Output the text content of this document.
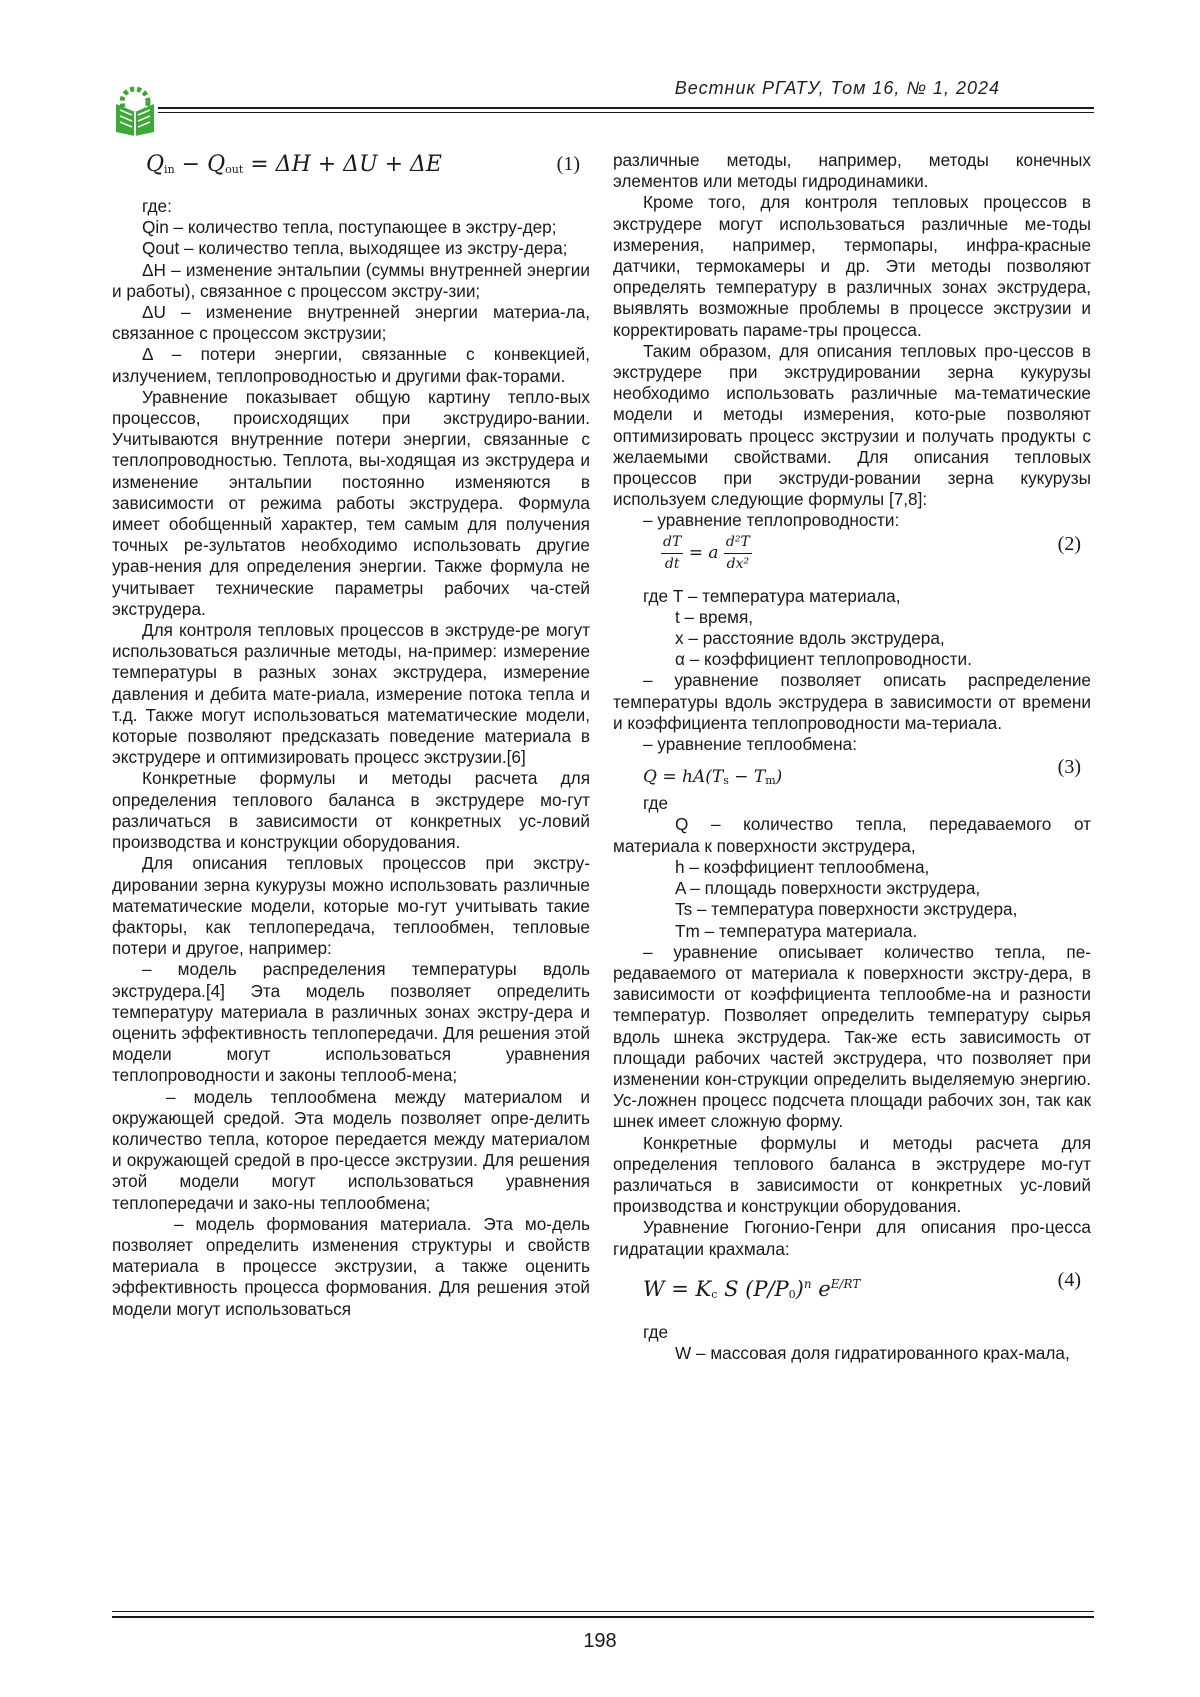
Вестник РГАТУ, Том 16, № 1, 2024
Qin − Qout = ΔH + ΔU + ΔE	(1)

где:

Qin – количество тепла, поступающее в экстру-дер;

Qout – количество тепла, выходящее из экстру-дера;

ΔH – изменение энтальпии (суммы внутренней энергии и работы), связанное с процессом экстру-зии;

ΔU – изменение внутренней энергии материа-ла, связанное с процессом экструзии;

Δ – потери энергии, связанные с конвекцией, излучением, теплопроводностью и другими фак-торами.

Уравнение показывает общую картину тепло-вых процессов, происходящих при экструдиро-вании. Учитываются внутренние потери энергии, связанные с теплопроводностью. Теплота, вы-ходящая из экструдера и изменение энтальпии постоянно изменяются в зависимости от режима работы экструдера. Формула имеет обобщенный характер, тем самым для получения точных ре-зультатов необходимо использовать другие урав-нения для определения энергии. Также формула не учитывает технические параметры рабочих ча-стей экструдера.

Для контроля тепловых процессов в экструде-ре могут использоваться различные методы, на-пример: измерение температуры в разных зонах экструдера, измерение давления и дебита мате-риала, измерение потока тепла и т.д. Также могут использоваться математические модели, которые позволяют предсказать поведение материала в экструдере и оптимизировать процесс экструзии.[6]

Конкретные формулы и методы расчета для определения теплового баланса в экструдере мо-гут различаться в зависимости от конкретных ус-ловий производства и конструкции оборудования.

Для описания тепловых процессов при экстру-дировании зерна кукурузы можно использовать различные математические модели, которые мо-гут учитывать такие факторы, как теплопередача, теплообмен, тепловые потери и другое, например:

– модель распределения температуры вдоль экструдера.[4] Эта модель позволяет определить температуру материала в различных зонах экстру-дера и оценить эффективность теплопередачи. Для решения этой модели могут использоваться уравнения теплопроводности и законы теплооб-мена;

– модель теплообмена между материалом и окружающей средой. Эта модель позволяет опре-делить количество тепла, которое передается между материалом и окружающей средой в про-цессе экструзии. Для решения этой модели могут использоваться уравнения теплопередачи и зако-ны теплообмена;

– модель формования материала. Эта мо-дель позволяет определить изменения структуры и свойств материала в процессе экструзии, а также оценить эффективность процесса формования. Для решения этой модели могут использоваться

различные методы, например, методы конечных элементов или методы гидродинамики.

Кроме того, для контроля тепловых процессов в экструдере могут использоваться различные ме-тоды измерения, например, термопары, инфра-красные датчики, термокамеры и др. Эти методы позволяют определять температуру в различных зонах экструдера, выявлять возможные проблемы в процессе экструзии и корректировать параме-тры процесса.

Таким образом, для описания тепловых про-цессов в экструдере при экструдировании зерна кукурузы необходимо использовать различные ма-тематические модели и методы измерения, кото-рые позволяют оптимизировать процесс экструзии и получать продукты с желаемыми свойствами. Для описания тепловых процессов при экструди-ровании зерна кукурузы используем следующие формулы [7,8]:

– уравнение теплопроводности:

$\frac{dT}{dt} = a \frac{\text{d²T}}{\text{dx²}}$	(2)

где T – температура материала,

t – время,

x – расстояние вдоль экструдера,

α – коэффициент теплопроводности.

– уравнение позволяет описать распределение температуры вдоль экструдера в зависимости от времени и коэффициента теплопроводности ма-териала.

– уравнение теплообмена:

Q = hA(Ts − Tm)	(3)

где

Q – количество тепла, передаваемого от материала к поверхности экструдера,

h – коэффициент теплообмена,

A – площадь поверхности экструдера,

Ts – температура поверхности экструдера,

Tm – температура материала.

– уравнение описывает количество тепла, пе-редаваемого от материала к поверхности экстру-дера, в зависимости от коэффициента теплообме-на и разности температур. Позволяет определить температуру сырья вдоль шнека экструдера. Так-же есть зависимость от площади рабочих частей экструдера, что позволяет при изменении кон-струкции определить выделяемую энергию. Ус-ложнен процесс подсчета площади рабочих зон, так как шнек имеет сложную форму.

Конкретные формулы и методы расчета для определения теплового баланса в экструдере мо-гут различаться в зависимости от конкретных ус-ловий производства и конструкции оборудования.

Уравнение Гюгонио-Генри для описания про-цесса гидратации крахмала:

W = Kc S $(P/P0)^n$ $e^{E/RT}$	(4)

где

W – массовая доля гидратированного крах-мала,

198
